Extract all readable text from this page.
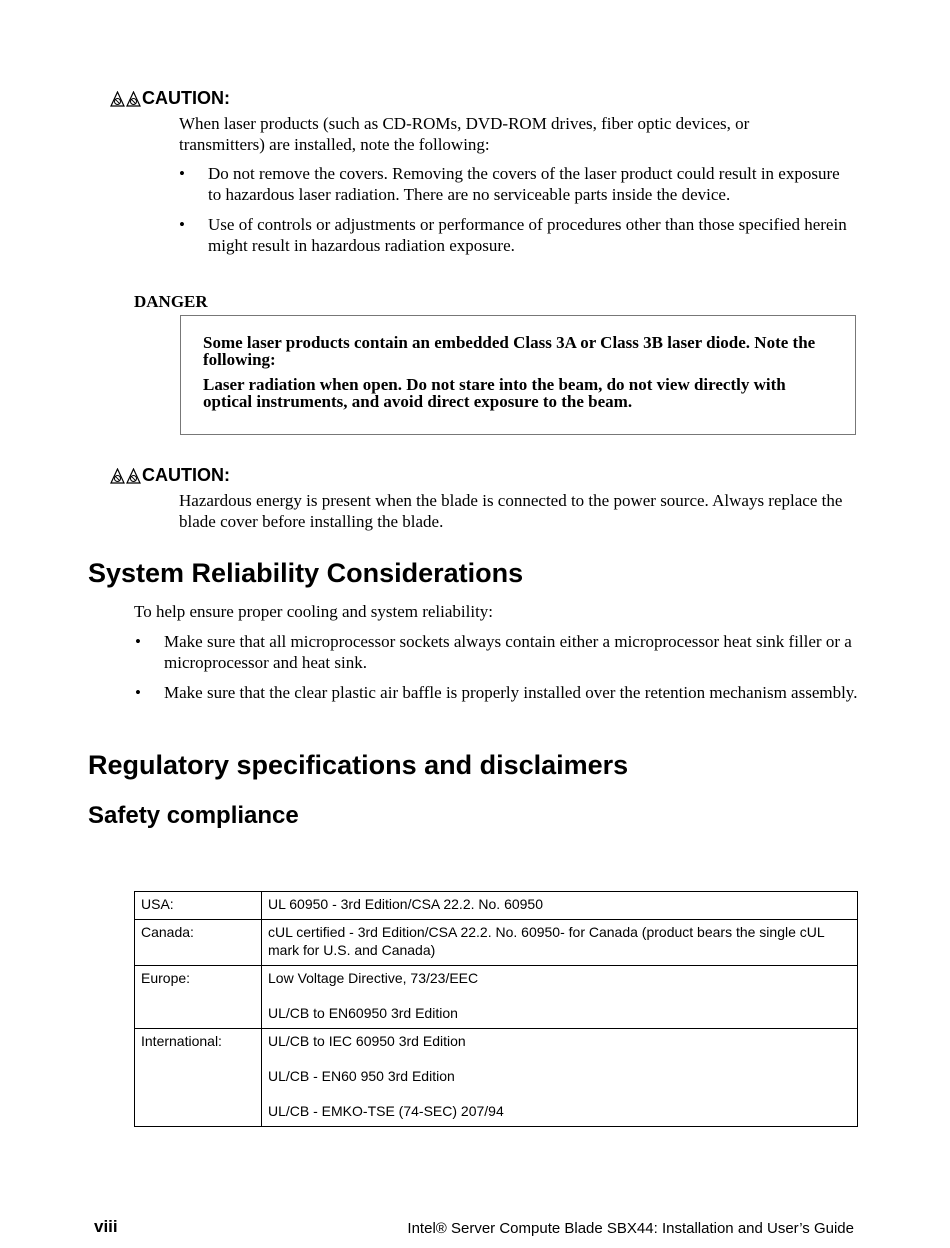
CAUTION:

When laser products (such as CD-ROMs, DVD-ROM drives, fiber optic devices, or transmitters) are installed, note the following:

• Do not remove the covers. Removing the covers of the laser product could result in exposure to hazardous laser radiation. There are no serviceable parts inside the device.
• Use of controls or adjustments or performance of procedures other than those specified herein might result in hazardous radiation exposure.
DANGER

Some laser products contain an embedded Class 3A or Class 3B laser diode. Note the following:

Laser radiation when open. Do not stare into the beam, do not view directly with optical instruments, and avoid direct exposure to the beam.

CAUTION:

Hazardous energy is present when the blade is connected to the power source. Always replace the blade cover before installing the blade.

System Reliability Considerations

To help ensure proper cooling and system reliability:

• Make sure that all microprocessor sockets always contain either a microprocessor heat sink filler or a microprocessor and heat sink.
• Make sure that the clear plastic air baffle is properly installed over the retention mechanism assembly.
Regulatory specifications and disclaimers
Safety compliance
USA:	UL 60950 - 3rd Edition/CSA 22.2. No. 60950

Canada:	cUL certified - 3rd Edition/CSA 22.2. No. 60950- for Canada (product bears the single cUL mark for U.S. and Canada)

Europe:	Low Voltage Directive, 73/23/EEC
UL/CB to EN60950 3rd Edition

International:	UL/CB to IEC 60950 3rd Edition
UL/CB - EN60 950 3rd Edition
UL/CB - EMKO-TSE (74-SEC) 207/94
viii	Intel® Server Compute Blade SBX44: Installation and User’s Guide
